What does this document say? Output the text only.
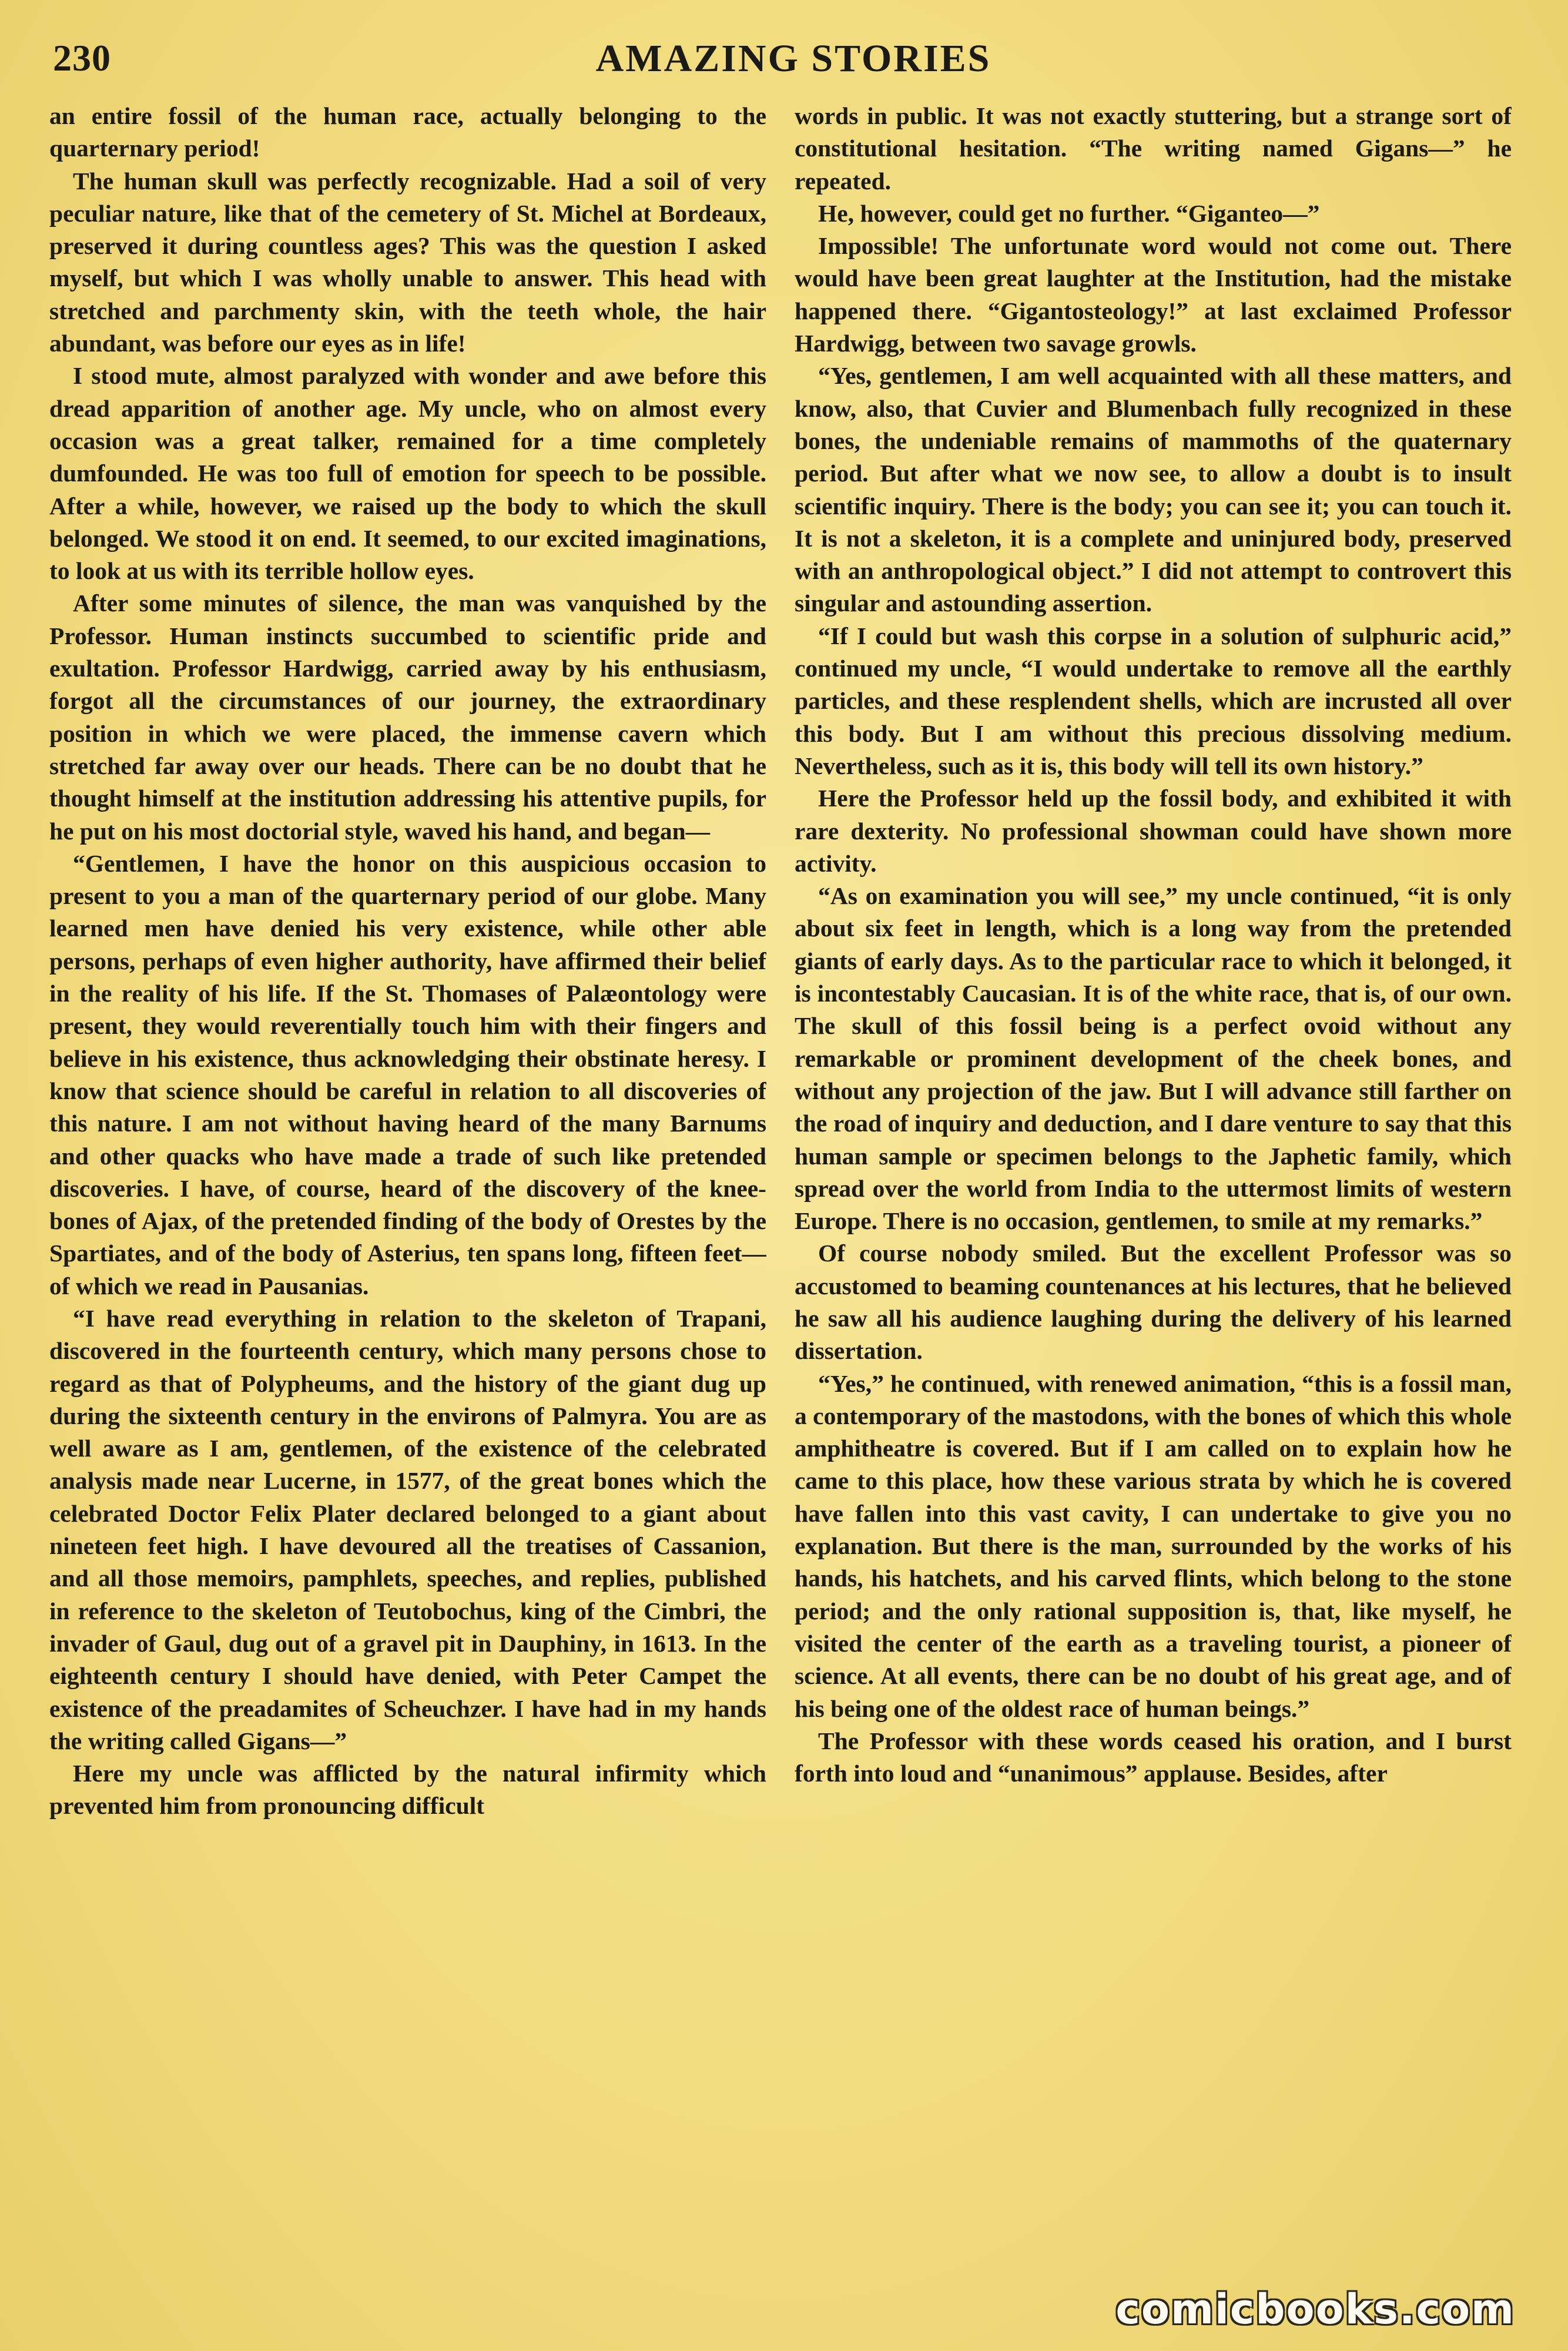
230	AMAZING STORIES

an entire fossil of the human race, actually belonging to the quarternary period!

The human skull was perfectly recognizable. Had a soil of very peculiar nature, like that of the cemetery of St. Michel at Bordeaux, preserved it during countless ages? This was the question I asked myself, but which I was wholly unable to answer. This head with stretched and parchmenty skin, with the teeth whole, the hair abundant, was before our eyes as in life!

I stood mute, almost paralyzed with wonder and awe before this dread apparition of another age. My uncle, who on almost every occasion was a great talker, remained for a time completely dumfounded. He was too full of emotion for speech to be possible. After a while, however, we raised up the body to which the skull belonged. We stood it on end. It seemed, to our excited imaginations, to look at us with its terrible hollow eyes.

After some minutes of silence, the man was vanquished by the Professor. Human instincts succumbed to scientific pride and exultation. Professor Hardwigg, carried away by his enthusiasm, forgot all the circumstances of our journey, the extraordinary position in which we were placed, the immense cavern which stretched far away over our heads. There can be no doubt that he thought himself at the institution addressing his attentive pupils, for he put on his most doctorial style, waved his hand, and began—

“Gentlemen, I have the honor on this auspicious occasion to present to you a man of the quarternary period of our globe. Many learned men have denied his very existence, while other able persons, perhaps of even higher authority, have affirmed their belief in the reality of his life. If the St. Thomases of Palæontology were present, they would reverentially touch him with their fingers and believe in his existence, thus acknowledging their obstinate heresy. I know that science should be careful in relation to all discoveries of this nature. I am not without having heard of the many Barnums and other quacks who have made a trade of such like pretended discoveries. I have, of course, heard of the discovery of the knee-bones of Ajax, of the pretended finding of the body of Orestes by the Spartiates, and of the body of Asterius, ten spans long, fifteen feet—of which we read in Pausanias.

“I have read everything in relation to the skeleton of Trapani, discovered in the fourteenth century, which many persons chose to regard as that of Polypheums, and the history of the giant dug up during the sixteenth century in the environs of Palmyra. You are as well aware as I am, gentlemen, of the existence of the celebrated analysis made near Lucerne, in 1577, of the great bones which the celebrated Doctor Felix Plater declared belonged to a giant about nineteen feet high. I have devoured all the treatises of Cassanion, and all those memoirs, pamphlets, speeches, and replies, published in reference to the skeleton of Teutobochus, king of the Cimbri, the invader of Gaul, dug out of a gravel pit in Dauphiny, in 1613. In the eighteenth century I should have denied, with Peter Campet the existence of the preadamites of Scheuchzer. I have had in my hands the writing called Gigans—”

Here my uncle was afflicted by the natural infirmity which prevented him from pronouncing difficult

words in public. It was not exactly stuttering, but a strange sort of constitutional hesitation. “The writing named Gigans—” he repeated.

He, however, could get no further. “Giganteo—”

Impossible! The unfortunate word would not come out. There would have been great laughter at the Institution, had the mistake happened there. “Gigantosteology!” at last exclaimed Professor Hardwigg, between two savage growls.

“Yes, gentlemen, I am well acquainted with all these matters, and know, also, that Cuvier and Blumenbach fully recognized in these bones, the undeniable remains of mammoths of the quaternary period. But after what we now see, to allow a doubt is to insult scientific inquiry. There is the body; you can see it; you can touch it. It is not a skeleton, it is a complete and uninjured body, preserved with an anthropological object.” I did not attempt to controvert this singular and astounding assertion.

“If I could but wash this corpse in a solution of sulphuric acid,” continued my uncle, “I would undertake to remove all the earthly particles, and these resplendent shells, which are incrusted all over this body. But I am without this precious dissolving medium. Nevertheless, such as it is, this body will tell its own history.”

Here the Professor held up the fossil body, and exhibited it with rare dexterity. No professional showman could have shown more activity.

“As on examination you will see,” my uncle continued, “it is only about six feet in length, which is a long way from the pretended giants of early days. As to the particular race to which it belonged, it is incontestably Caucasian. It is of the white race, that is, of our own. The skull of this fossil being is a perfect ovoid without any remarkable or prominent development of the cheek bones, and without any projection of the jaw. But I will advance still farther on the road of inquiry and deduction, and I dare venture to say that this human sample or specimen belongs to the Japhetic family, which spread over the world from India to the uttermost limits of western Europe. There is no occasion, gentlemen, to smile at my remarks.”

Of course nobody smiled. But the excellent Professor was so accustomed to beaming countenances at his lectures, that he believed he saw all his audience laughing during the delivery of his learned dissertation.

“Yes,” he continued, with renewed animation, “this is a fossil man, a contemporary of the mastodons, with the bones of which this whole amphitheatre is covered. But if I am called on to explain how he came to this place, how these various strata by which he is covered have fallen into this vast cavity, I can undertake to give you no explanation. But there is the man, surrounded by the works of his hands, his hatchets, and his carved flints, which belong to the stone period; and the only rational supposition is, that, like myself, he visited the center of the earth as a traveling tourist, a pioneer of science. At all events, there can be no doubt of his great age, and of his being one of the oldest race of human beings.”

The Professor with these words ceased his oration, and I burst forth into loud and “unanimous” applause. Besides, after

comicbooks.com
